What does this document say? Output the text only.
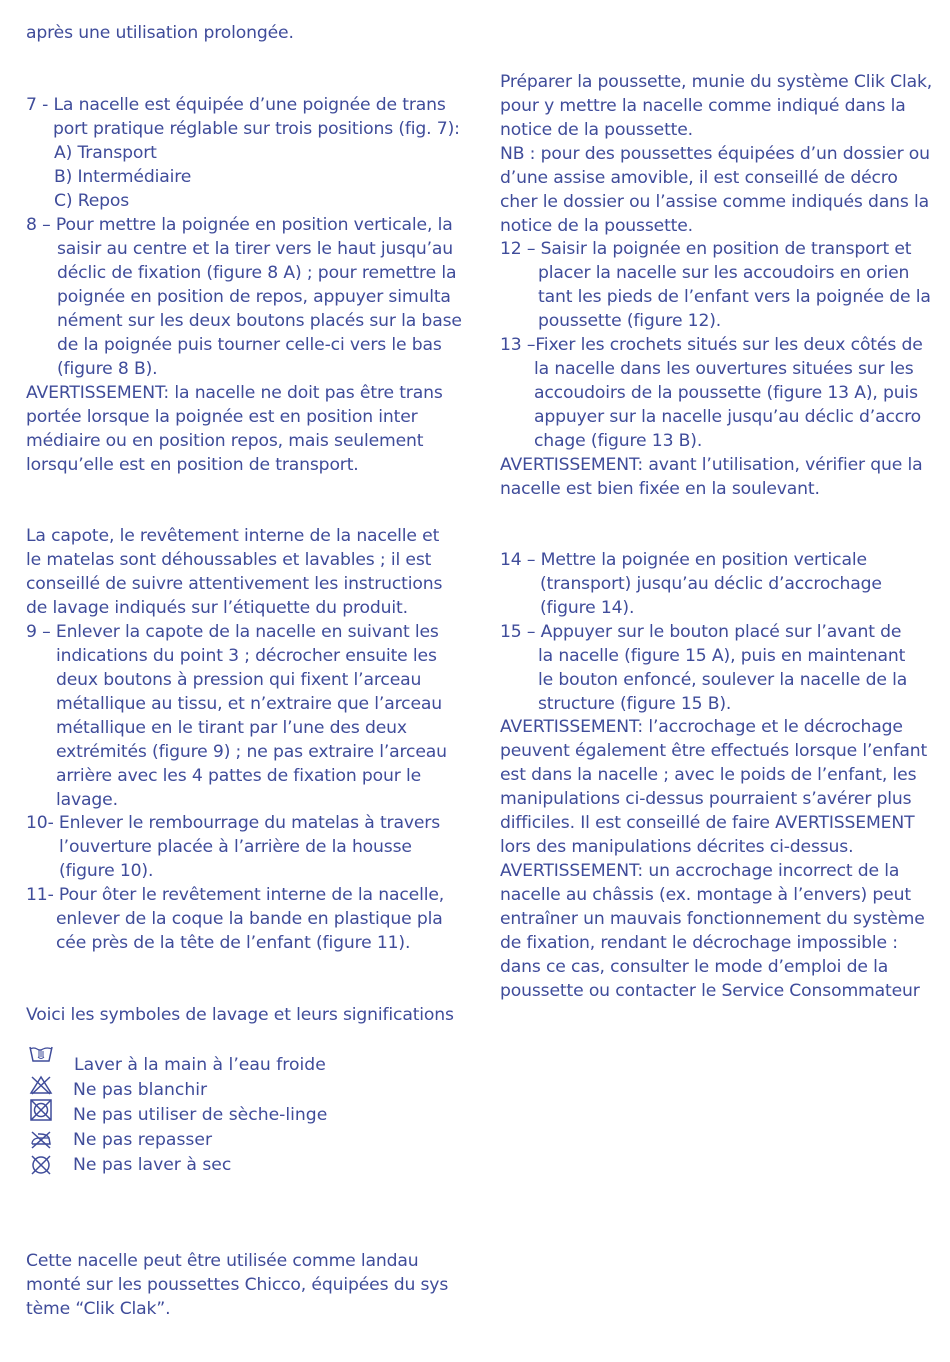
après une utilisation prolongée.
7 - La nacelle est équipée d’une poignée de trans
port pratique réglable sur trois positions (fig. 7):
A) Transport
B) Intermédiaire
C) Repos
8 – Pour mettre la poignée en position verticale, la
saisir au centre et la tirer vers le haut jusqu’au
déclic de fixation (figure 8 A) ; pour remettre la
poignée en position de repos, appuyer simulta
nément sur les deux boutons placés sur la base
de la poignée puis tourner celle-ci vers le bas
(figure 8 B).
AVERTISSEMENT: la nacelle ne doit pas être trans
portée lorsque la poignée est en position inter
médiaire ou en position repos, mais seulement
lorsqu’elle est en position de transport.
La capote, le revêtement interne de la nacelle et
le matelas sont déhoussables et lavables ; il est
conseillé de suivre attentivement les instructions
de lavage indiqués sur l’étiquette du produit.
9 – Enlever la capote de la nacelle en suivant les
indications du point 3 ; décrocher ensuite les
deux boutons à pression qui fixent l’arceau
métallique au tissu, et n’extraire que l’arceau
métallique en le tirant par l’une des deux
extrémités (figure 9) ; ne pas extraire l’arceau
arrière avec les 4 pattes de fixation pour le
lavage.
10- Enlever le rembourrage du matelas à travers
l’ouverture placée à l’arrière de la housse
(figure 10).
11- Pour ôter le revêtement interne de la nacelle,
enlever de la coque la bande en plastique pla
cée près de la tête de l’enfant (figure 11).
Voici les symboles de lavage et leurs significations
Laver à la main à l’eau froide
Ne pas blanchir
Ne pas utiliser de sèche-linge
Ne pas repasser
Ne pas laver à sec
Cette nacelle peut être utilisée comme landau
monté sur les poussettes Chicco, équipées du sys
tème “Clik Clak”.
Préparer la poussette, munie du système Clik Clak,
pour y mettre la nacelle comme indiqué dans la
notice de la poussette.
NB : pour des poussettes équipées d’un dossier ou
d’une assise amovible, il est conseillé de décro
cher le dossier ou l’assise comme indiqués dans la
notice de la poussette.
12 – Saisir la poignée en position de transport et
placer la nacelle sur les accoudoirs en orien
tant les pieds de l’enfant vers la poignée de la
poussette (figure 12).
13 –Fixer les crochets situés sur les deux côtés de
la nacelle dans les ouvertures situées sur les
accoudoirs de la poussette (figure 13 A), puis
appuyer sur la nacelle jusqu’au déclic d’accro
chage (figure 13 B).
AVERTISSEMENT: avant l’utilisation, vérifier que la
nacelle est bien fixée en la soulevant.
14 – Mettre la poignée en position verticale
(transport) jusqu’au déclic d’accrochage
(figure 14).
15 – Appuyer sur le bouton placé sur l’avant de
la nacelle (figure 15 A), puis en maintenant
le bouton enfoncé, soulever la nacelle de la
structure (figure 15 B).
AVERTISSEMENT: l’accrochage et le décrochage
peuvent également être effectués lorsque l’enfant
est dans la nacelle ; avec le poids de l’enfant, les
manipulations ci-dessus pourraient s’avérer plus
difficiles. Il est conseillé de faire AVERTISSEMENT
lors des manipulations décrites ci-dessus.
AVERTISSEMENT: un accrochage incorrect de la
nacelle au châssis (ex. montage à l’envers) peut
entraîner un mauvais fonctionnement du système
de fixation, rendant le décrochage impossible :
dans ce cas, consulter le mode d’emploi de la
poussette ou contacter le Service Consommateur
